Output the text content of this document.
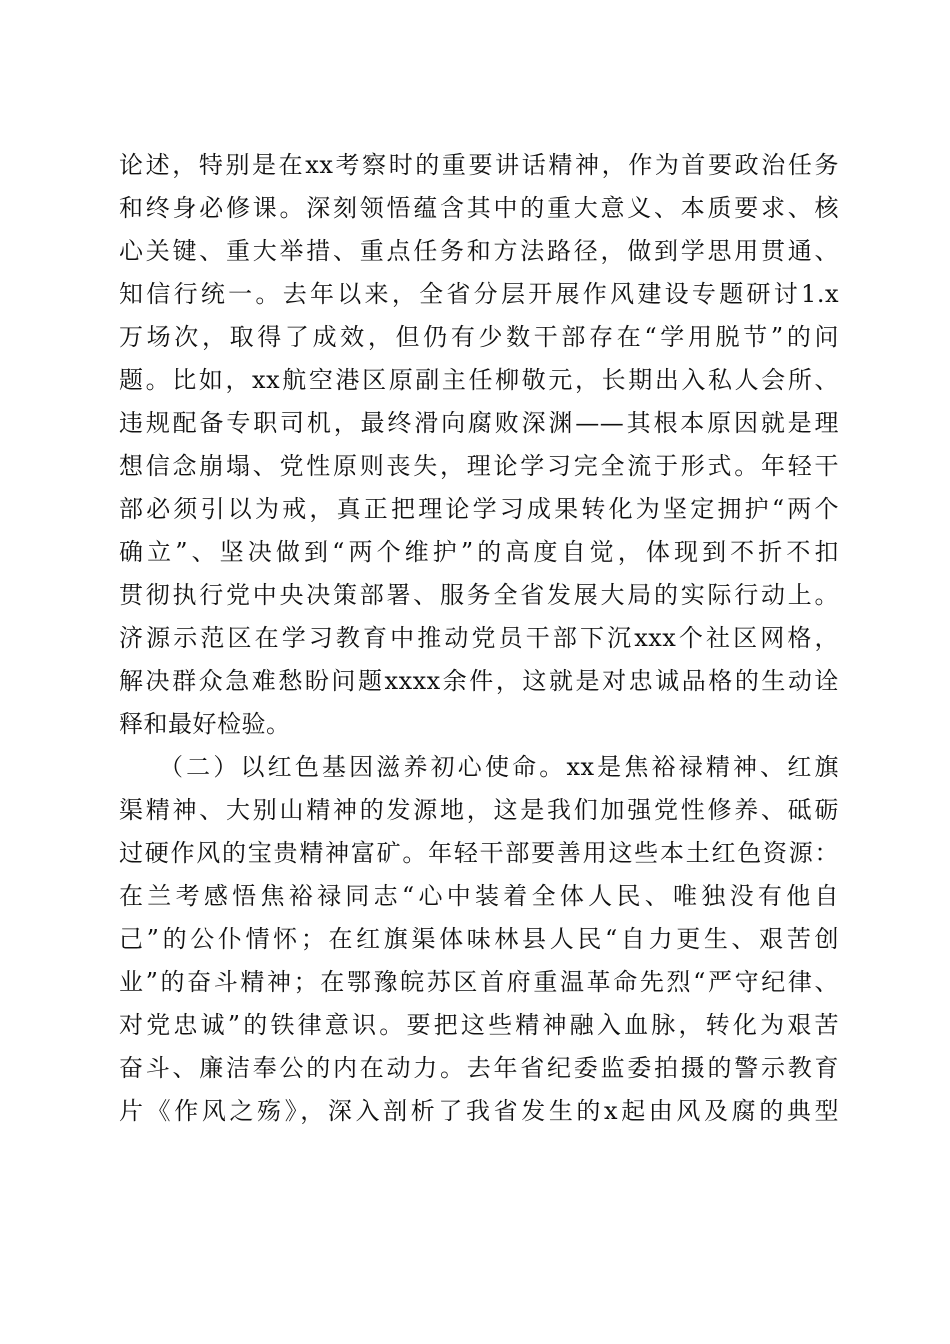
论述，特别是在xx考察时的重要讲话精神，作为首要政治任务
和终身必修课。深刻领悟蕴含其中的重大意义、本质要求、核
心关键、重大举措、重点任务和方法路径，做到学思用贯通、
知信行统一。去年以来，全省分层开展作风建设专题研讨1.x
万场次，取得了成效，但仍有少数干部存在“学用脱节”的问
题。比如，xx航空港区原副主任柳敬元，长期出入私人会所、
违规配备专职司机，最终滑向腐败深渊——其根本原因就是理
想信念崩塌、党性原则丧失，理论学习完全流于形式。年轻干
部必须引以为戒，真正把理论学习成果转化为坚定拥护“两个
确立”、坚决做到“两个维护”的高度自觉，体现到不折不扣
贯彻执行党中央决策部署、服务全省发展大局的实际行动上。
济源示范区在学习教育中推动党员干部下沉xxx个社区网格，
解决群众急难愁盼问题xxxx余件，这就是对忠诚品格的生动诠
释和最好检验。
（二）以红色基因滋养初心使命。xx是焦裕禄精神、红旗
渠精神、大别山精神的发源地，这是我们加强党性修养、砥砺
过硬作风的宝贵精神富矿。年轻干部要善用这些本土红色资源：
在兰考感悟焦裕禄同志“心中装着全体人民、唯独没有他自
己”的公仆情怀；在红旗渠体味林县人民“自力更生、艰苦创
业”的奋斗精神；在鄂豫皖苏区首府重温革命先烈“严守纪律、
对党忠诚”的铁律意识。要把这些精神融入血脉，转化为艰苦
奋斗、廉洁奉公的内在动力。去年省纪委监委拍摄的警示教育
片《作风之殇》，深入剖析了我省发生的x起由风及腐的典型
